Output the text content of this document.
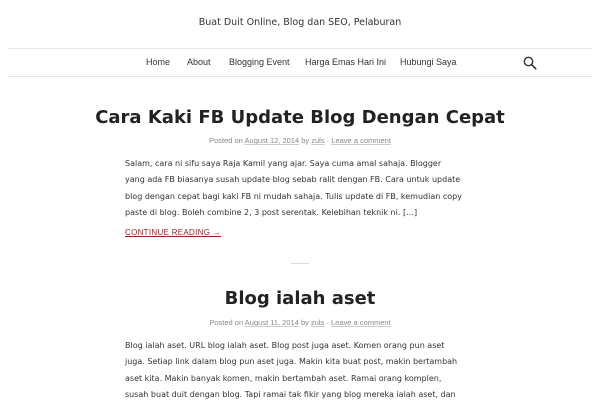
Buat Duit Online, Blog dan SEO, Pelaburan
Home About Blogging Event Harga Emas Hari Ini Hubungi Saya
Cara Kaki FB Update Blog Dengan Cepat
Posted on August 12, 2014 by zuls · Leave a comment
Salam, cara ni sifu saya Raja Kamil yang ajar. Saya cuma amal sahaja. Blogger
yang ada FB biasanya susah update blog sebab ralit dengan FB. Cara untuk update
blog dengan cepat bagi kaki FB ni mudah sahaja. Tulis update di FB, kemudian copy
paste di blog. Boleh combine 2, 3 post serentak. Kelebihan teknik ni. […]
CONTINUE READING →
Blog ialah aset
Posted on August 11, 2014 by zuls · Leave a comment
Blog ialah aset. URL blog ialah aset. Blog post juga aset. Komen orang pun aset
juga. Setiap link dalam blog pun aset juga. Makin kita buat post, makin bertambah
aset kita. Makin banyak komen, makin bertambah aset. Ramai orang komplen,
susah buat duit dengan blog. Tapi ramai tak fikir yang blog mereka ialah aset, dan
